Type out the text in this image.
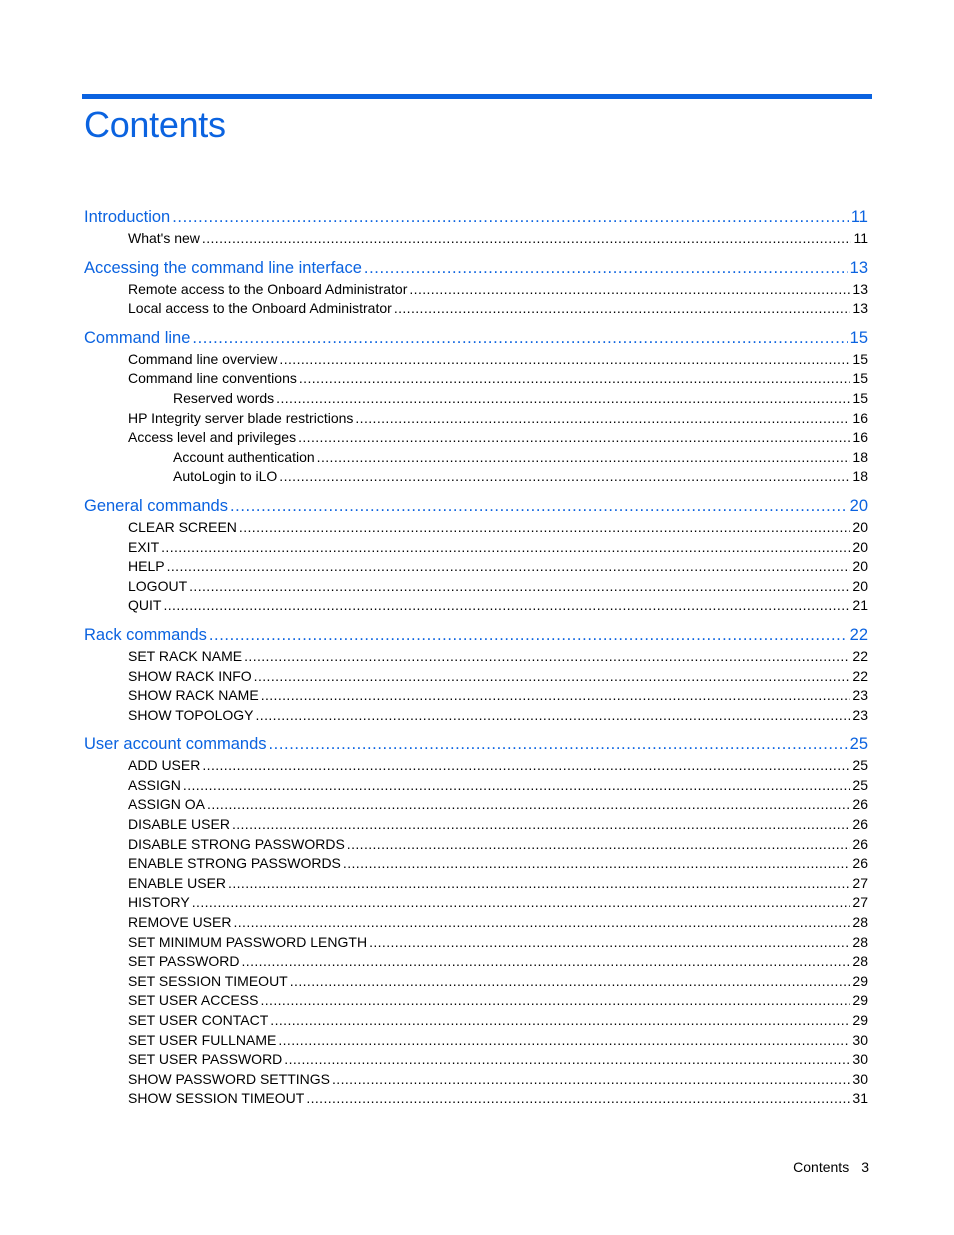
Contents
Introduction .....	11
What's new .....	11
Accessing the command line interface .....	13
Remote access to the Onboard Administrator .....	13
Local access to the Onboard Administrator .....	13
Command line .....	15
Command line overview .....	15
Command line conventions .....	15
Reserved words .....	15
HP Integrity server blade restrictions .....	16
Access level and privileges .....	16
Account authentication .....	18
AutoLogin to iLO .....	18
General commands .....	20
CLEAR SCREEN .....	20
EXIT .....	20
HELP .....	20
LOGOUT .....	20
QUIT .....	21
Rack commands .....	22
SET RACK NAME .....	22
SHOW RACK INFO .....	22
SHOW RACK NAME .....	23
SHOW TOPOLOGY .....	23
User account commands .....	25
ADD USER .....	25
ASSIGN .....	25
ASSIGN OA .....	26
DISABLE USER .....	26
DISABLE STRONG PASSWORDS .....	26
ENABLE STRONG PASSWORDS .....	26
ENABLE USER .....	27
HISTORY .....	27
REMOVE USER .....	28
SET MINIMUM PASSWORD LENGTH .....	28
SET PASSWORD .....	28
SET SESSION TIMEOUT .....	29
SET USER ACCESS .....	29
SET USER CONTACT .....	29
SET USER FULLNAME .....	30
SET USER PASSWORD .....	30
SHOW PASSWORD SETTINGS .....	30
SHOW SESSION TIMEOUT .....	31
Contents 3
